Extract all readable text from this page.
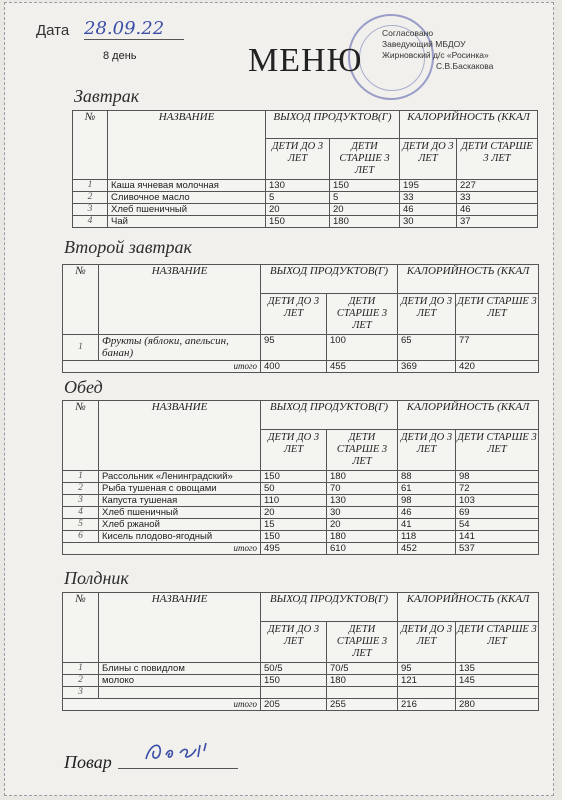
Дата 28.09.22
8 день	МЕНЮ
Согласовано
Заведующий МБДОУ
Жирновский д/с «Росинка»
С.В.Баскакова
Завтрак
№	НАЗВАНИЕ	ВЫХОД ПРОДУКТОВ(Г)		КАЛОРИЙНОСТЬ (ККАЛ	
		ДЕТИ ДО 3 ЛЕТ	ДЕТИ СТАРШЕ 3 ЛЕТ	ДЕТИ ДО 3 ЛЕТ	ДЕТИ СТАРШЕ 3 ЛЕТ
1	Каша ячневая молочная	130	150	195	227
2	Сливочное масло	5	5	33	33
3	Хлеб пшеничный	20	20	46	46
4	Чай	150	180	30	37
Второй завтрак
№	НАЗВАНИЕ	ВЫХОД ПРОДУКТОВ(Г)		КАЛОРИЙНОСТЬ (ККАЛ	
		ДЕТИ ДО 3 ЛЕТ	ДЕТИ СТАРШЕ 3 ЛЕТ	ДЕТИ ДО 3 ЛЕТ	ДЕТИ СТАРШЕ 3 ЛЕТ
1	Фрукты (яблоки, апельсин, банан)	95	100	65	77
итого		400	455	369	420
Обед
№	НАЗВАНИЕ	ВЫХОД ПРОДУКТОВ(Г)		КАЛОРИЙНОСТЬ (ККАЛ	
		ДЕТИ ДО 3 ЛЕТ	ДЕТИ СТАРШЕ 3 ЛЕТ	ДЕТИ ДО 3 ЛЕТ	ДЕТИ СТАРШЕ 3 ЛЕТ
1	Рассольник «Ленинградский»	150	180	88	98
2	Рыба тушеная с овощами	50	70	61	72
3	Капуста тушеная	110	130	98	103
4	Хлеб пшеничный	20	30	46	69
5	Хлеб ржаной	15	20	41	54
6	Кисель плодово-ягодный	150	180	118	141
итого		495	610	452	537
Полдник
№	НАЗВАНИЕ	ВЫХОД ПРОДУКТОВ(Г)		КАЛОРИЙНОСТЬ (ККАЛ	
		ДЕТИ ДО 3 ЛЕТ	ДЕТИ СТАРШЕ 3 ЛЕТ	ДЕТИ ДО 3 ЛЕТ	ДЕТИ СТАРШЕ 3 ЛЕТ
1	Блины с повидлом	50/5	70/5	95	135
2	молоко	150	180	121	145
3					
итого		205	255	216	280
Повар
